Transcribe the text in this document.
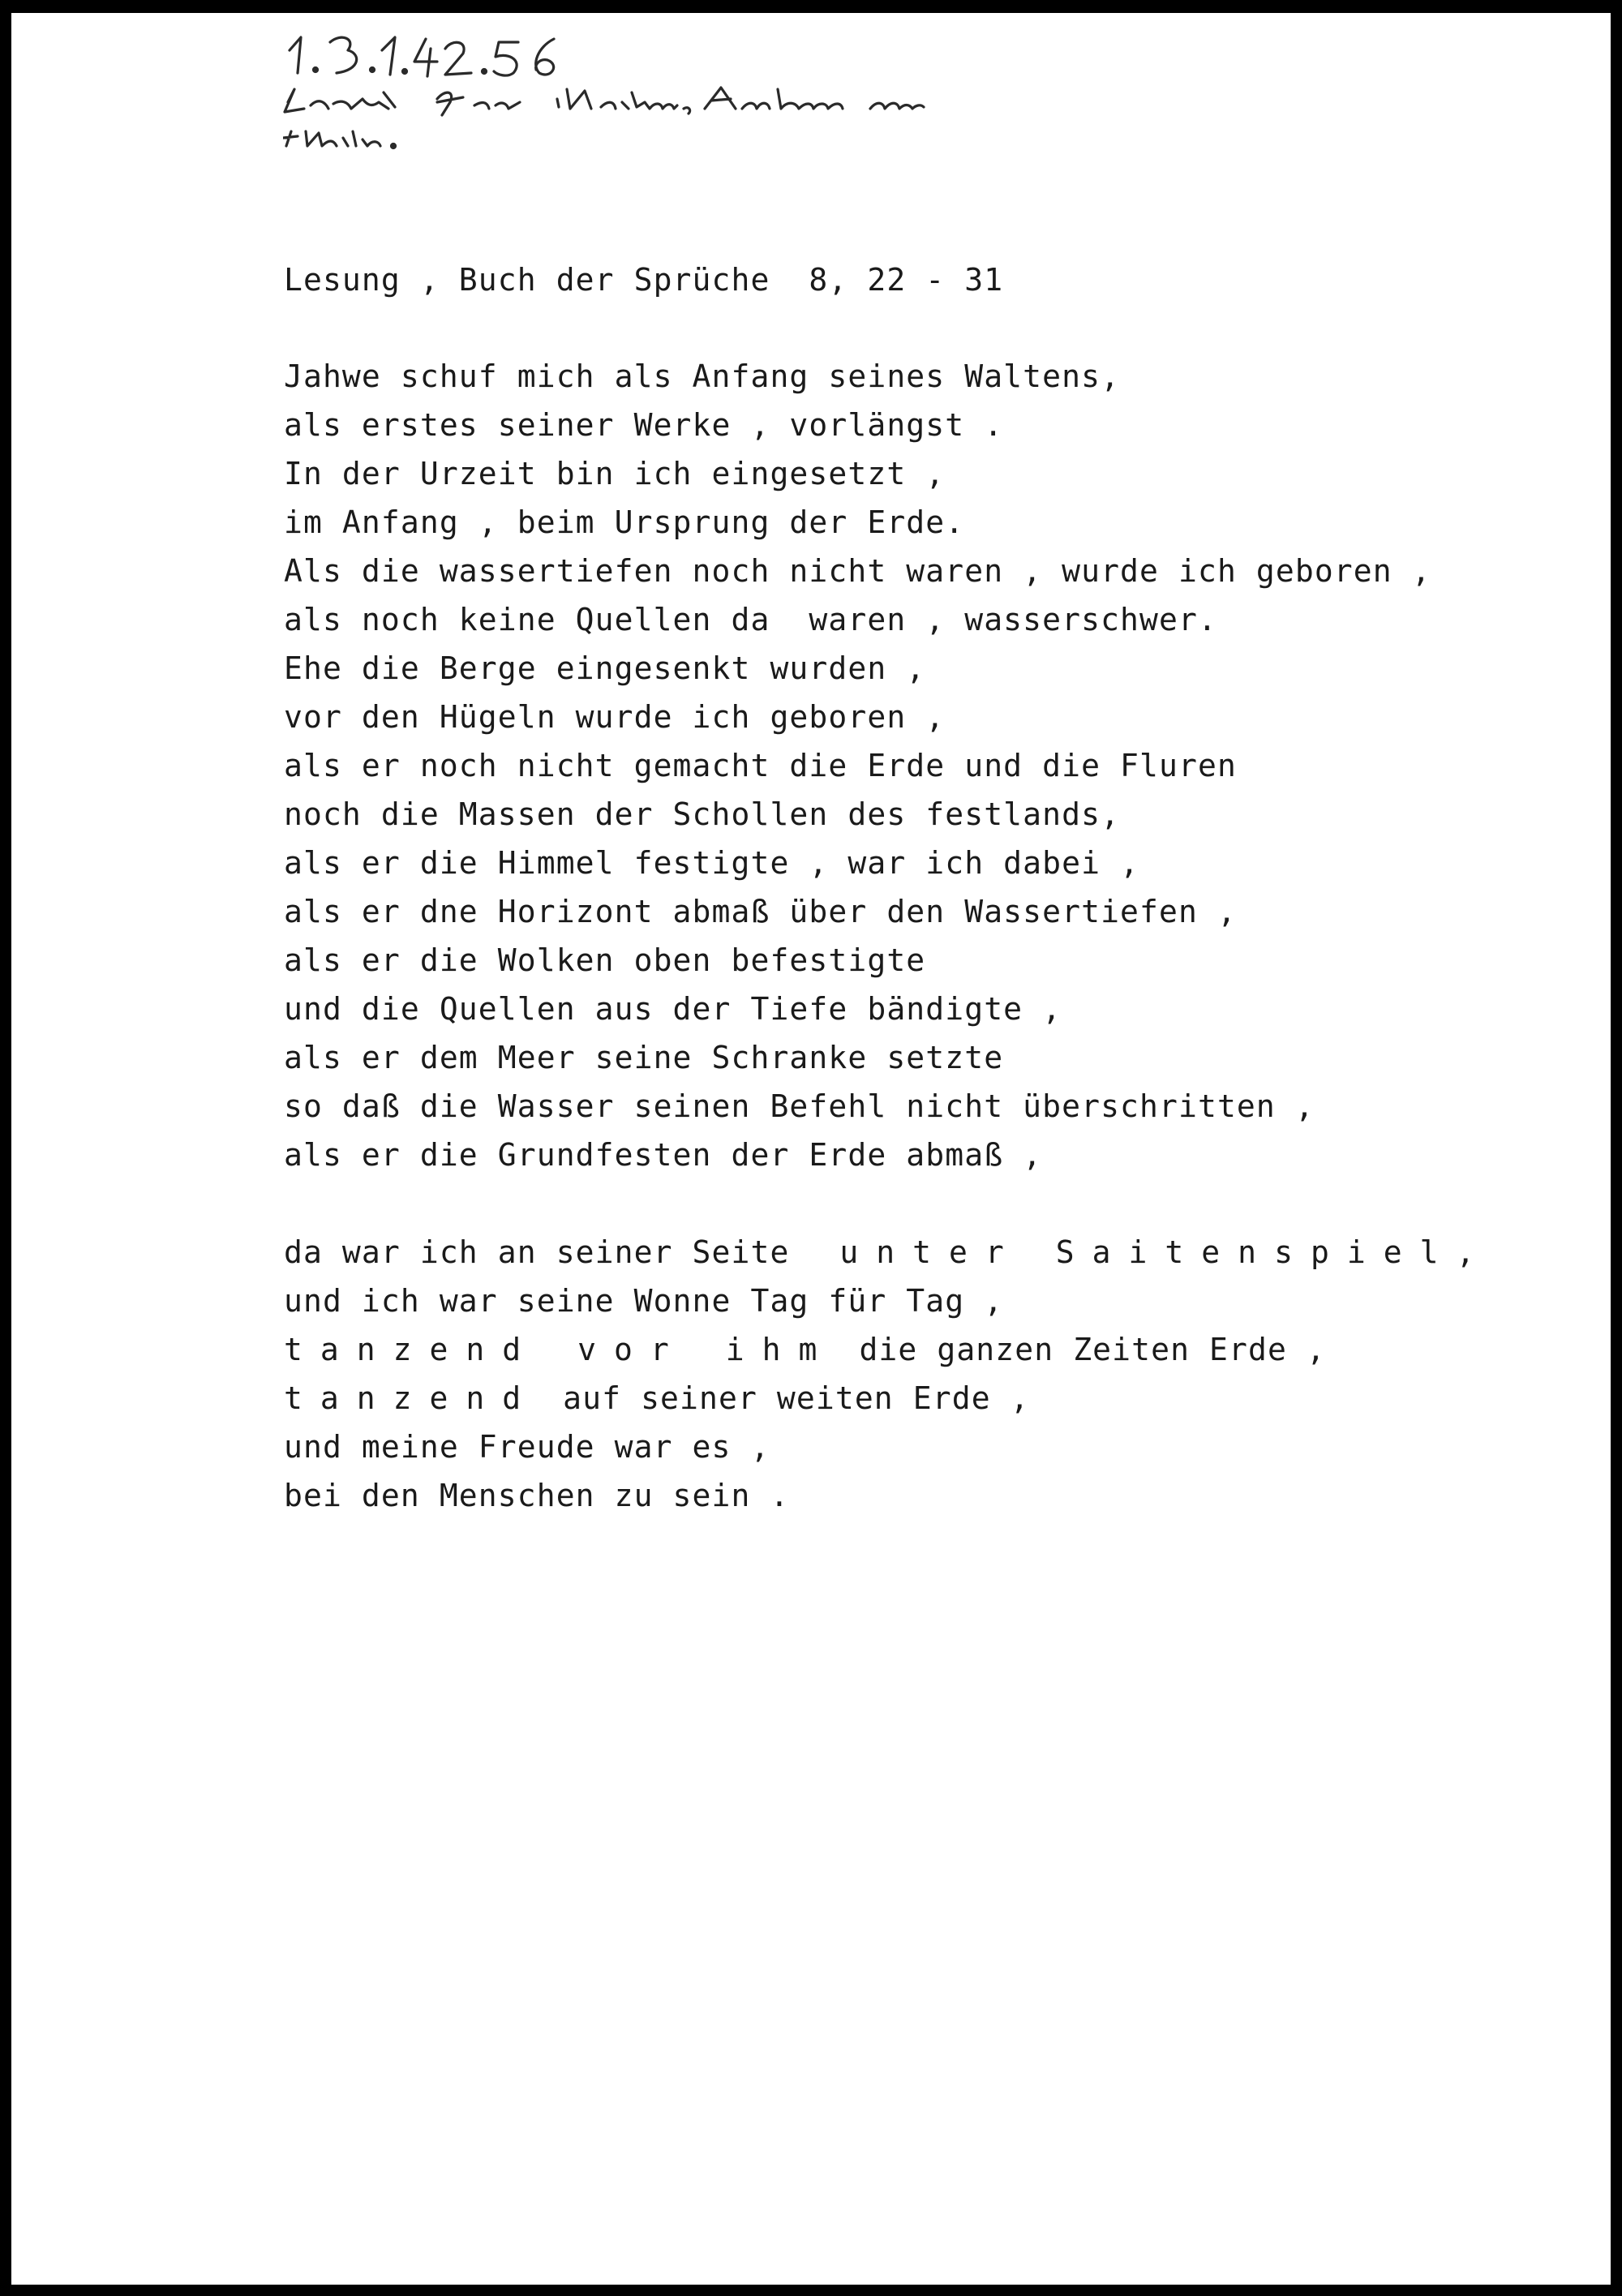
Lesung , Buch der Sprüche  8, 22 - 31
Jahwe schuf mich als Anfang seines Waltens,
als erstes seiner Werke , vorlängst .
In der Urzeit bin ich eingesetzt ,
im Anfang , beim Ursprung der Erde.
Als die wassertiefen noch nicht waren , wurde ich geboren ,
als noch keine Quellen da  waren , wasserschwer.
Ehe die Berge eingesenkt wurden ,
vor den Hügeln wurde ich geboren ,
als er noch nicht gemacht die Erde und die Fluren
noch die Massen der Schollen des festlands,
als er die Himmel festigte , war ich dabei ,
als er dne Horizont abmaß über den Wassertiefen ,
als er die Wolken oben befestigte
und die Quellen aus der Tiefe bändigte ,
als er dem Meer seine Schranke setzte
so daß die Wasser seinen Befehl nicht überschritten ,
als er die Grundfesten der Erde abmaß ,
da war ich an seiner Seite unter Saitenspiel,
und ich war seine Wonne Tag für Tag ,
tanzend vor ihm die ganzen Zeiten Erde ,
tanzend auf seiner weiten Erde ,
und meine Freude war es ,
bei den Menschen zu sein .
